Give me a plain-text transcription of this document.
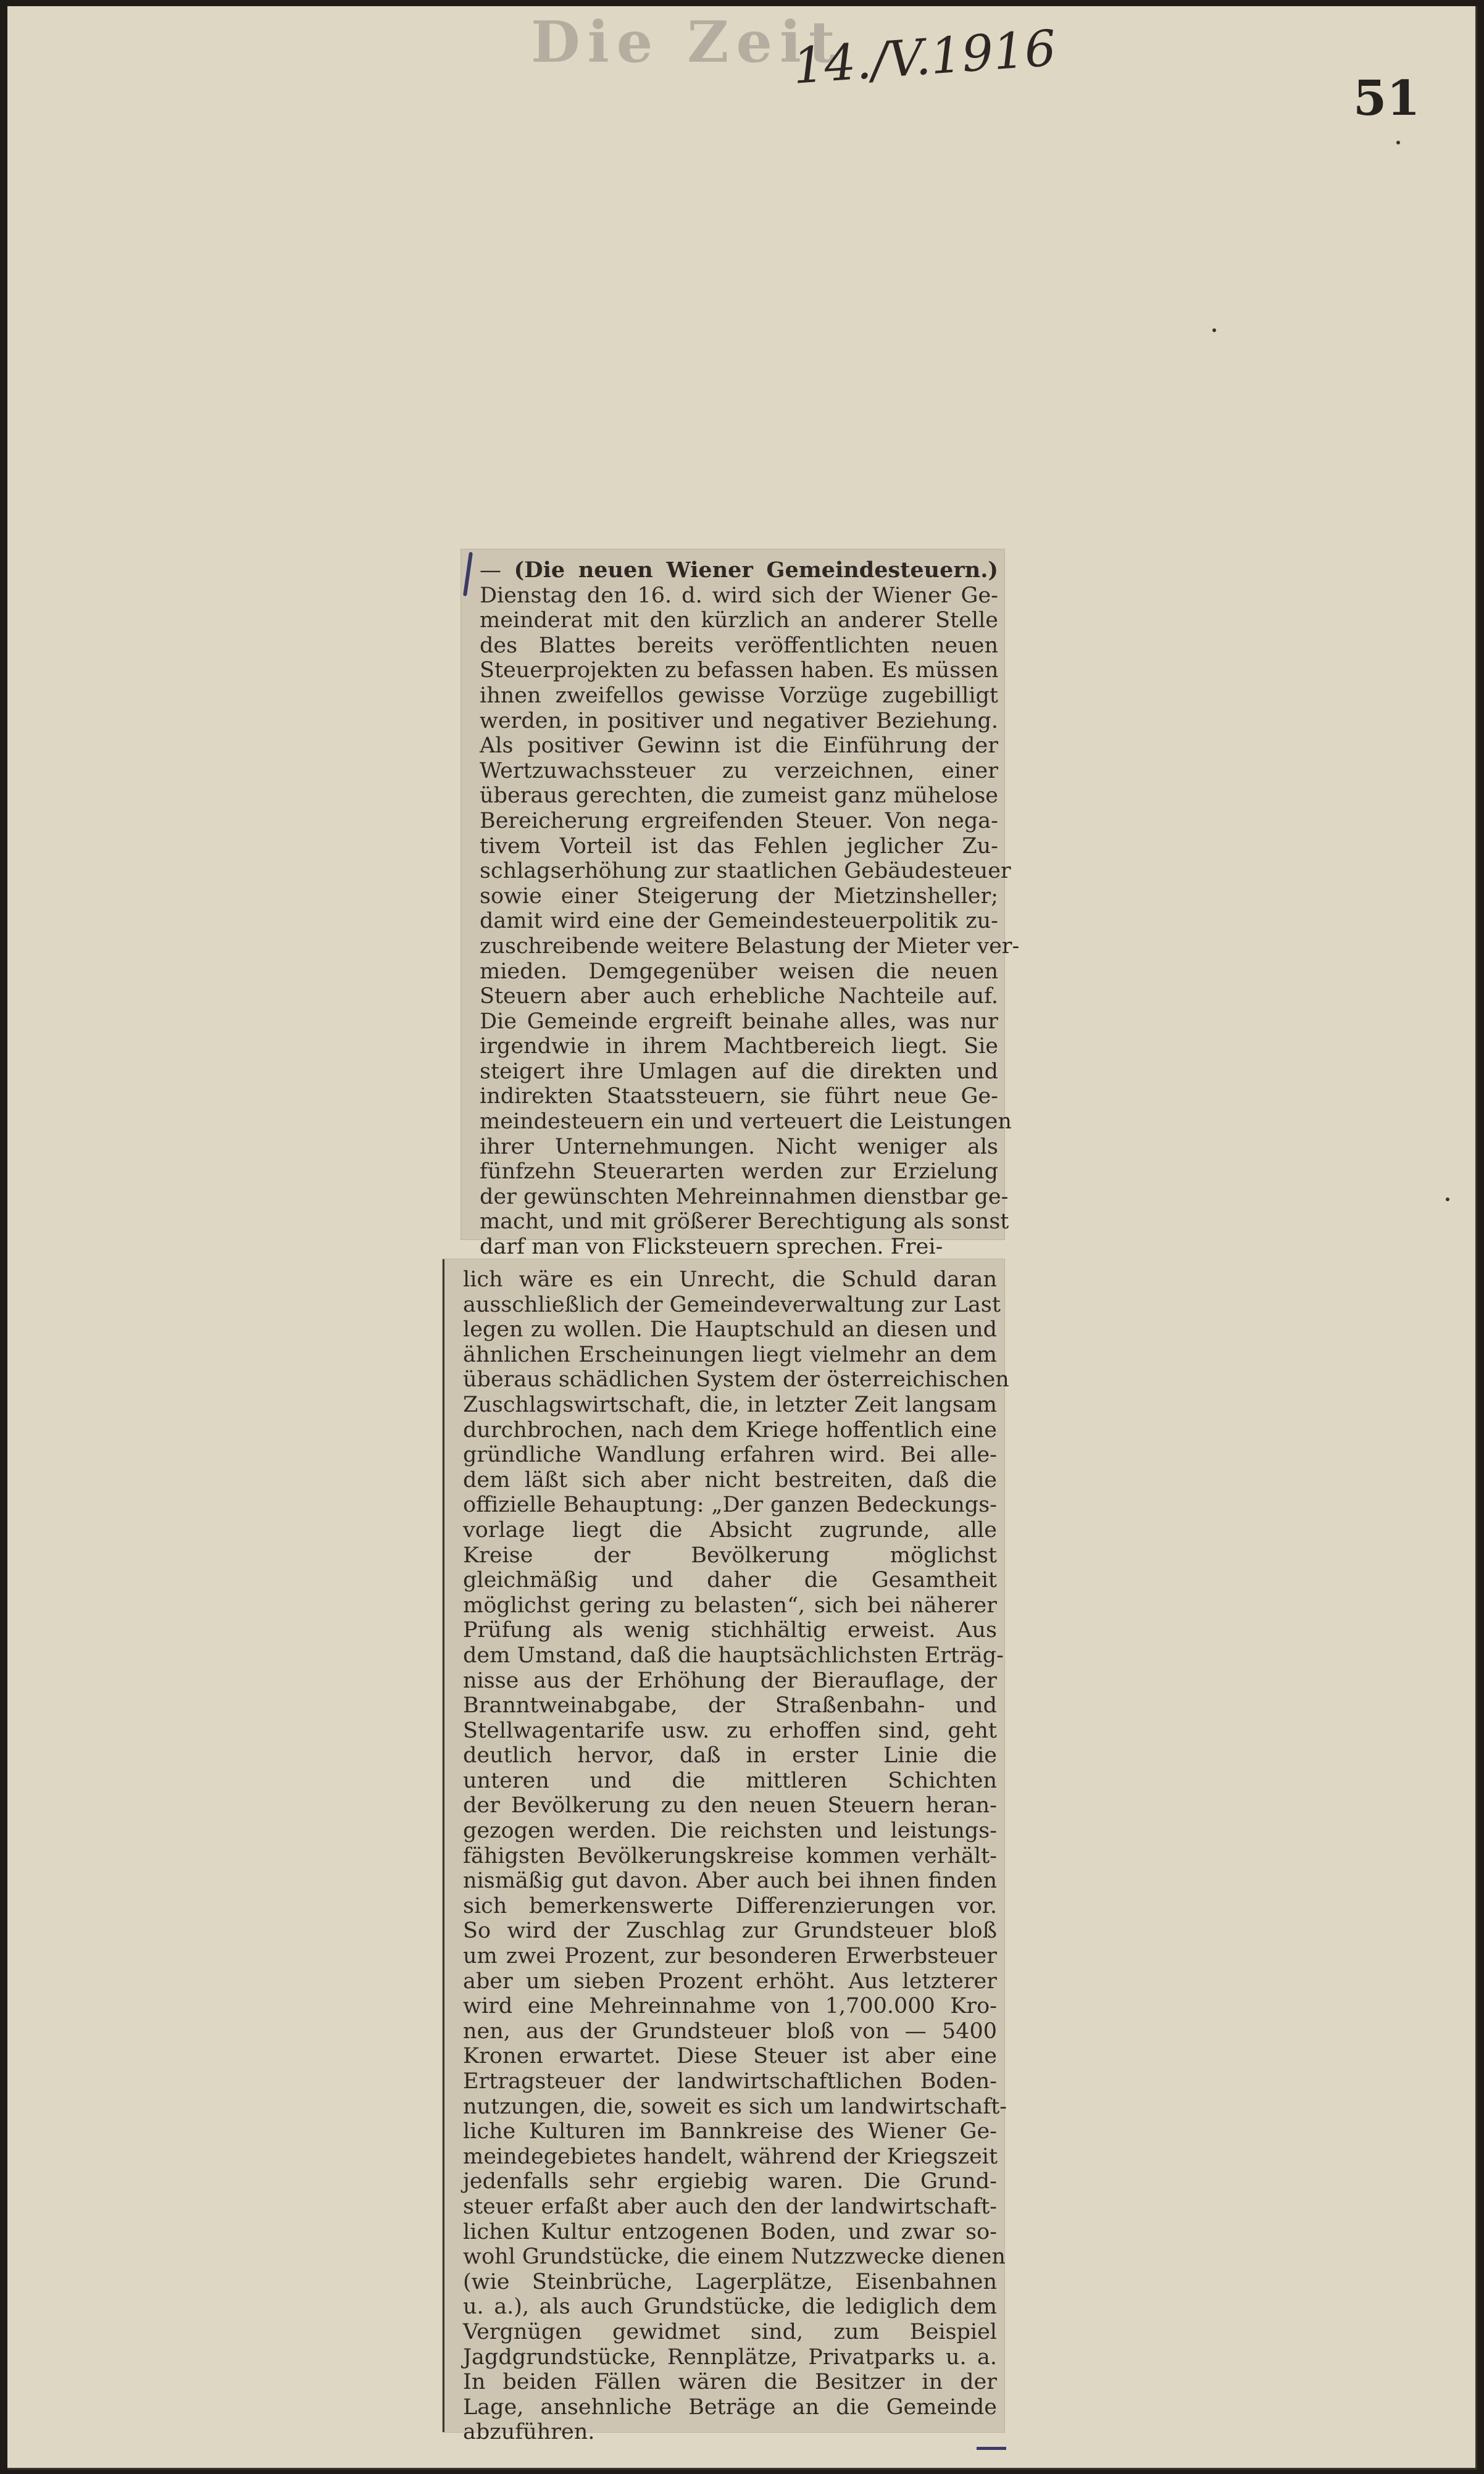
Die Zeit
14./V.1916
51
— (Die neuen Wiener Gemeindesteuern.)
Dienstag den 16. d. wird sich der Wiener Ge-
meinderat mit den kürzlich an anderer Stelle
des Blattes bereits veröffentlichten neuen
Steuerprojekten zu befassen haben. Es müssen
ihnen zweifellos gewisse Vorzüge zugebilligt
werden, in positiver und negativer Beziehung.
Als positiver Gewinn ist die Einführung der
Wertzuwachssteuer zu verzeichnen, einer
überaus gerechten, die zumeist ganz mühelose
Bereicherung ergreifenden Steuer. Von nega-
tivem Vorteil ist das Fehlen jeglicher Zu-
schlagserhöhung zur staatlichen Gebäudesteuer
sowie einer Steigerung der Mietzinsheller;
damit wird eine der Gemeindesteuerpolitik zu-
zuschreibende weitere Belastung der Mieter ver-
mieden. Demgegenüber weisen die neuen
Steuern aber auch erhebliche Nachteile auf.
Die Gemeinde ergreift beinahe alles, was nur
irgendwie in ihrem Machtbereich liegt. Sie
steigert ihre Umlagen auf die direkten und
indirekten Staatssteuern, sie führt neue Ge-
meindesteuern ein und verteuert die Leistungen
ihrer Unternehmungen. Nicht weniger als
fünfzehn Steuerarten werden zur Erzielung
der gewünschten Mehreinnahmen dienstbar ge-
macht, und mit größerer Berechtigung als sonst
darf man von Flicksteuern sprechen. Frei-
lich wäre es ein Unrecht, die Schuld daran
ausschließlich der Gemeindeverwaltung zur Last
legen zu wollen. Die Hauptschuld an diesen und
ähnlichen Erscheinungen liegt vielmehr an dem
überaus schädlichen System der österreichischen
Zuschlagswirtschaft, die, in letzter Zeit langsam
durchbrochen, nach dem Kriege hoffentlich eine
gründliche Wandlung erfahren wird. Bei alle-
dem läßt sich aber nicht bestreiten, daß die
offizielle Behauptung: „Der ganzen Bedeckungs-
vorlage liegt die Absicht zugrunde, alle
Kreise der Bevölkerung möglichst
gleichmäßig und daher die Gesamtheit
möglichst gering zu belasten“, sich bei näherer
Prüfung als wenig stichhältig erweist. Aus
dem Umstand, daß die hauptsächlichsten Erträg-
nisse aus der Erhöhung der Bierauflage, der
Branntweinabgabe, der Straßenbahn- und
Stellwagentarife usw. zu erhoffen sind, geht
deutlich hervor, daß in erster Linie die
unteren und die mittleren Schichten
der Bevölkerung zu den neuen Steuern heran-
gezogen werden. Die reichsten und leistungs-
fähigsten Bevölkerungskreise kommen verhält-
nismäßig gut davon. Aber auch bei ihnen finden
sich bemerkenswerte Differenzierungen vor.
So wird der Zuschlag zur Grundsteuer bloß
um zwei Prozent, zur besonderen Erwerbsteuer
aber um sieben Prozent erhöht. Aus letzterer
wird eine Mehreinnahme von 1,700.000 Kro-
nen, aus der Grundsteuer bloß von — 5400
Kronen erwartet. Diese Steuer ist aber eine
Ertragsteuer der landwirtschaftlichen Boden-
nutzungen, die, soweit es sich um landwirtschaft-
liche Kulturen im Bannkreise des Wiener Ge-
meindegebietes handelt, während der Kriegszeit
jedenfalls sehr ergiebig waren. Die Grund-
steuer erfaßt aber auch den der landwirtschaft-
lichen Kultur entzogenen Boden, und zwar so-
wohl Grundstücke, die einem Nutzzwecke dienen
(wie Steinbrüche, Lagerplätze, Eisenbahnen
u. a.), als auch Grundstücke, die lediglich dem
Vergnügen gewidmet sind, zum Beispiel
Jagdgrundstücke, Rennplätze, Privatparks u. a.
In beiden Fällen wären die Besitzer in der
Lage, ansehnliche Beträge an die Gemeinde
abzuführen.
